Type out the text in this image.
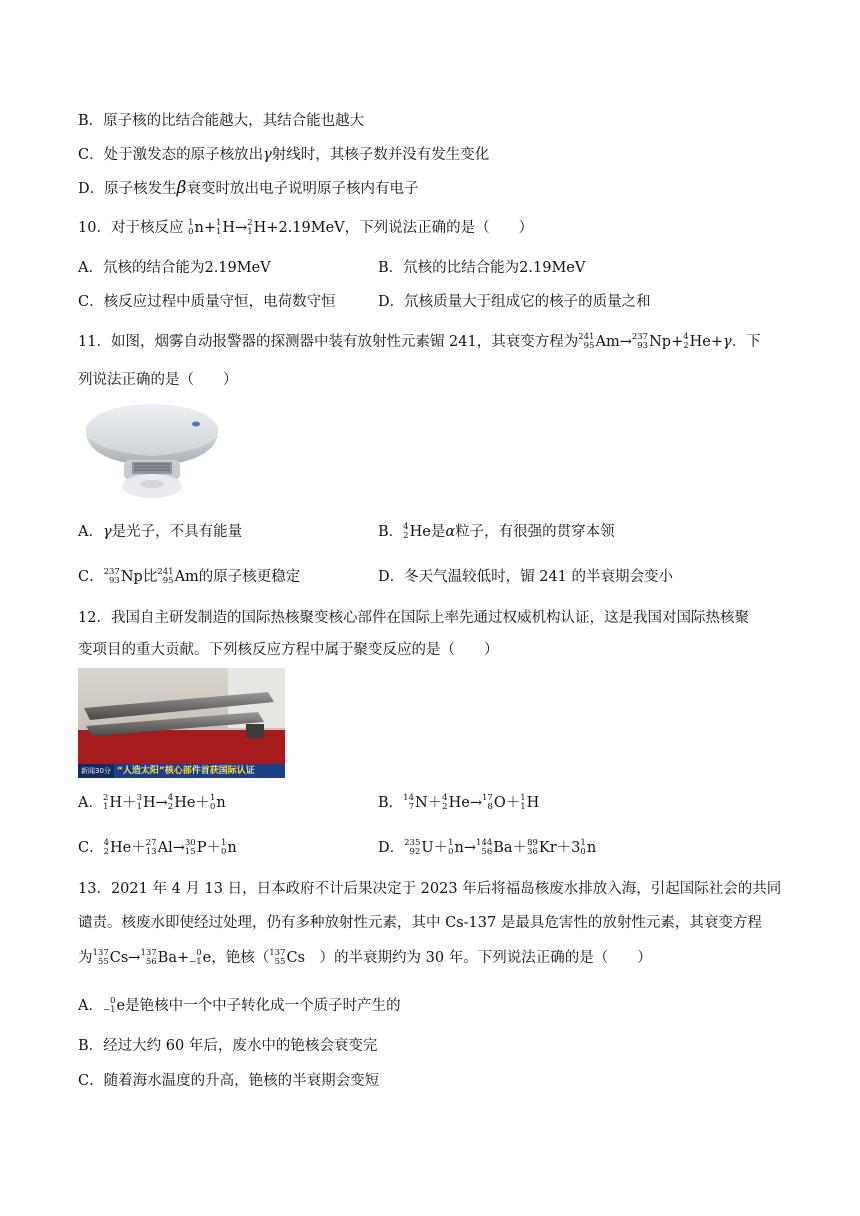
B．原子核的比结合能越大，其结合能也越大
C．处于激发态的原子核放出γ射线时，其核子数并没有发生变化
D．原子核发生β衰变时放出电子说明原子核内有电子
10．对于核反应 1
0 n + 1
1 H → 2
1 H +2.19MeV，下列说法正确的是（　　）
A．氘核的结合能为2.19MeV	B．氘核的比结合能为2.19MeV
C．核反应过程中质量守恒，电荷数守恒	D．氘核质量大于组成它的核子的质量之和
11．如图，烟雾自动报警器的探测器中装有放射性元素镅 241，其衰变方程为 241
95 Am → 237
93 Np + 4
2 He +γ．下
列说法正确的是（　　）
A．γ是光子，不具有能量	B． 4
2 He 是α粒子，有很强的贯穿本领
C． 237
93 Np 比 241
95 Am 的原子核更稳定	D．冬天气温较低时，镅 241 的半衰期会变小
12．我国自主研发制造的国际热核聚变核心部件在国际上率先通过权威机构认证，这是我国对国际热核聚
变项目的重大贡献。下列核反应方程中属于聚变反应的是（　　）
新闻30分 “人造太阳”核心部件首获国际认证
A． 2
1 H ＋ 3
1 H → 4
2 He ＋ 1
0 n	B． 14
7 N ＋ 4
2 He → 17
8 O ＋ 1
1 H
C． 4
2 He ＋ 27
13 Al → 30
15 P ＋ 1
0 n	D． 235
92 U ＋ 1
0 n → 144
56 Ba ＋ 89
36 Kr ＋3 1
0 n
13．2021 年 4 月 13 日，日本政府不计后果决定于 2023 年后将福岛核废水排放入海，引起国际社会的共同
谴责。核废水即使经过处理，仍有多种放射性元素，其中 Cs-137 是最具危害性的放射性元素，其衰变方程
为 137
55 Cs → 137
56 Ba + 0
−1 e ，铯核（ 137
55 Cs 　）的半衰期约为 30 年。下列说法正确的是（　　）
A． 0
−1 e 是铯核中一个中子转化成一个质子时产生的
B．经过大约 60 年后，废水中的铯核会衰变完
C．随着海水温度的升高，铯核的半衰期会变短
